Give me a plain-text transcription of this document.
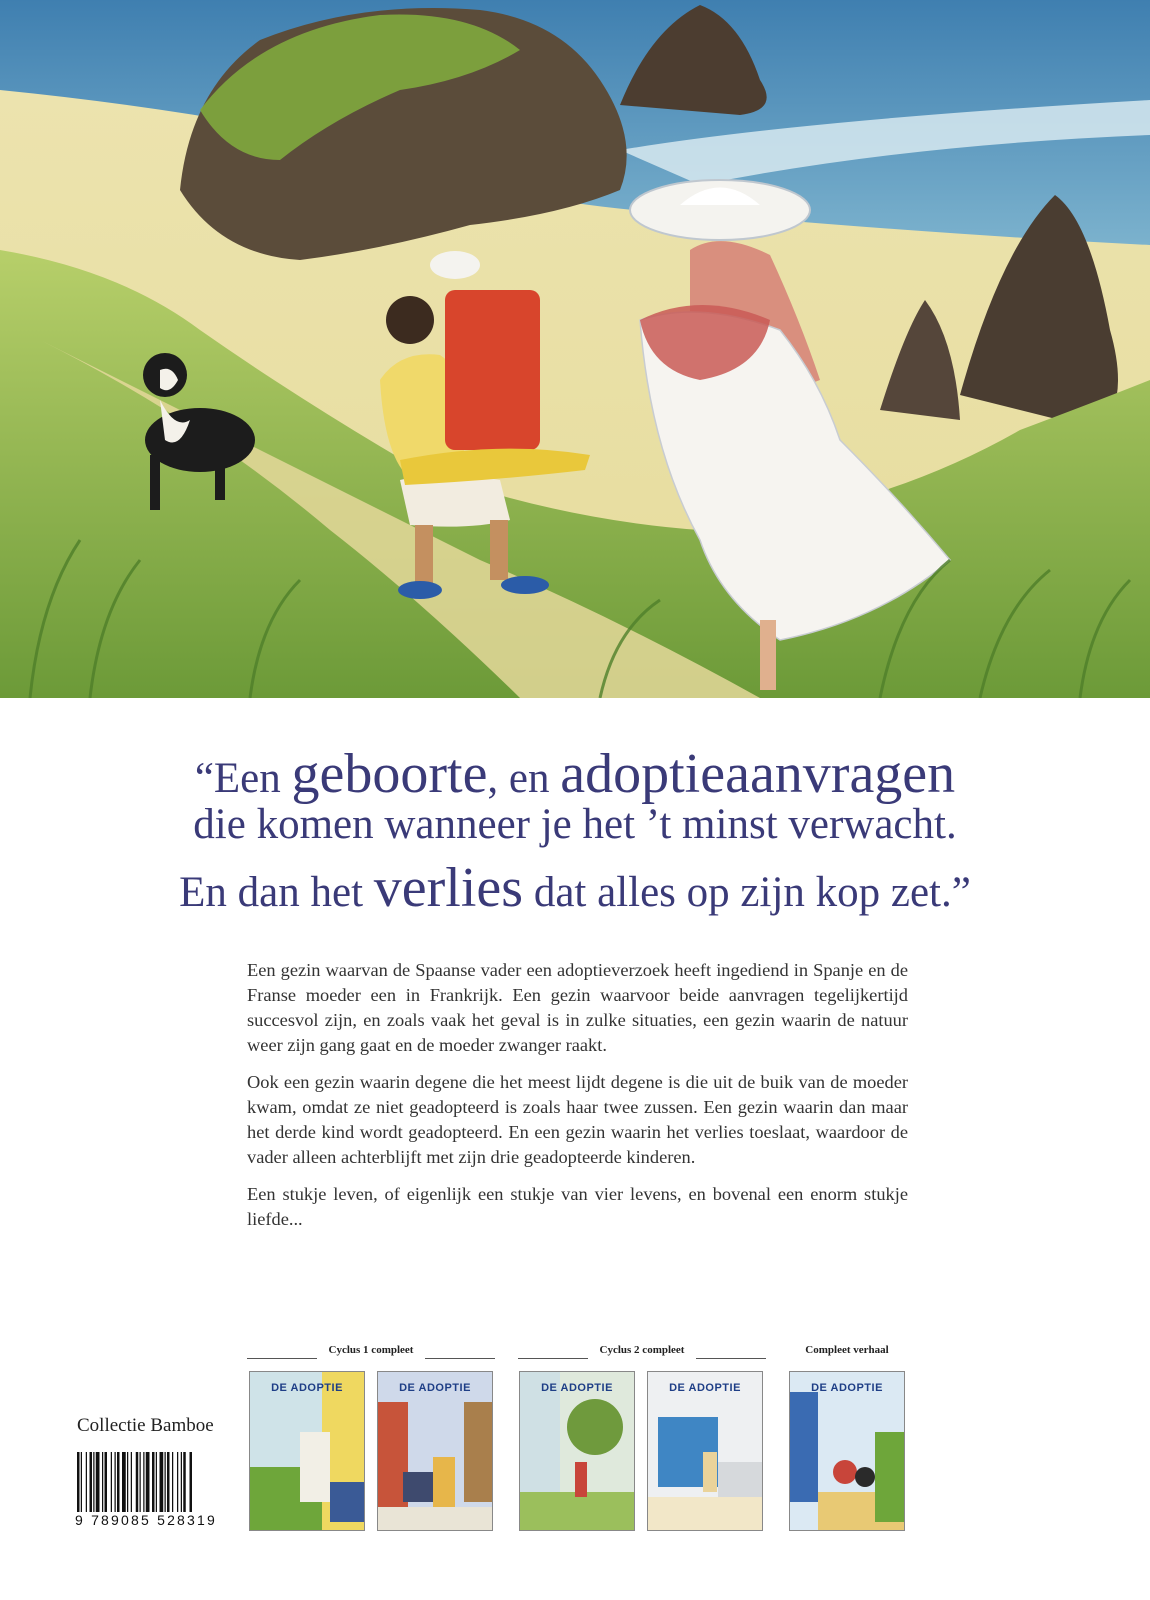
“Een geboorte, en adoptieaanvragen
die komen wanneer je het ’t minst verwacht.
En dan het verlies dat alles op zijn kop zet.”

Een gezin waarvan de Spaanse vader een adoptieverzoek heeft ingediend in Spanje en de Franse moeder een in Frankrijk. Een gezin waarvoor beide aanvragen tegelijkertijd succesvol zijn, en zoals vaak het geval is in zulke situaties, een gezin waarin de natuur weer zijn gang gaat en de moeder zwanger raakt.

Ook een gezin waarin degene die het meest lijdt degene is die uit de buik van de moeder kwam, omdat ze niet geadopteerd is zoals haar twee zussen. Een gezin waarin dan maar het derde kind wordt geadopteerd. En een gezin waarin het verlies toeslaat, waardoor de vader alleen achterblijft met zijn drie geadopteerde kinderen.

Een stukje leven, of eigenlijk een stukje van vier levens, en bovenal een enorm stukje liefde...

Cyclus 1 compleet	Cyclus 2 compleet	Compleet verhaal
DE ADOPTIE	DE ADOPTIE	DE ADOPTIE	DE ADOPTIE	DE ADOPTIE
Collectie Bamboe
9 789085 528319
